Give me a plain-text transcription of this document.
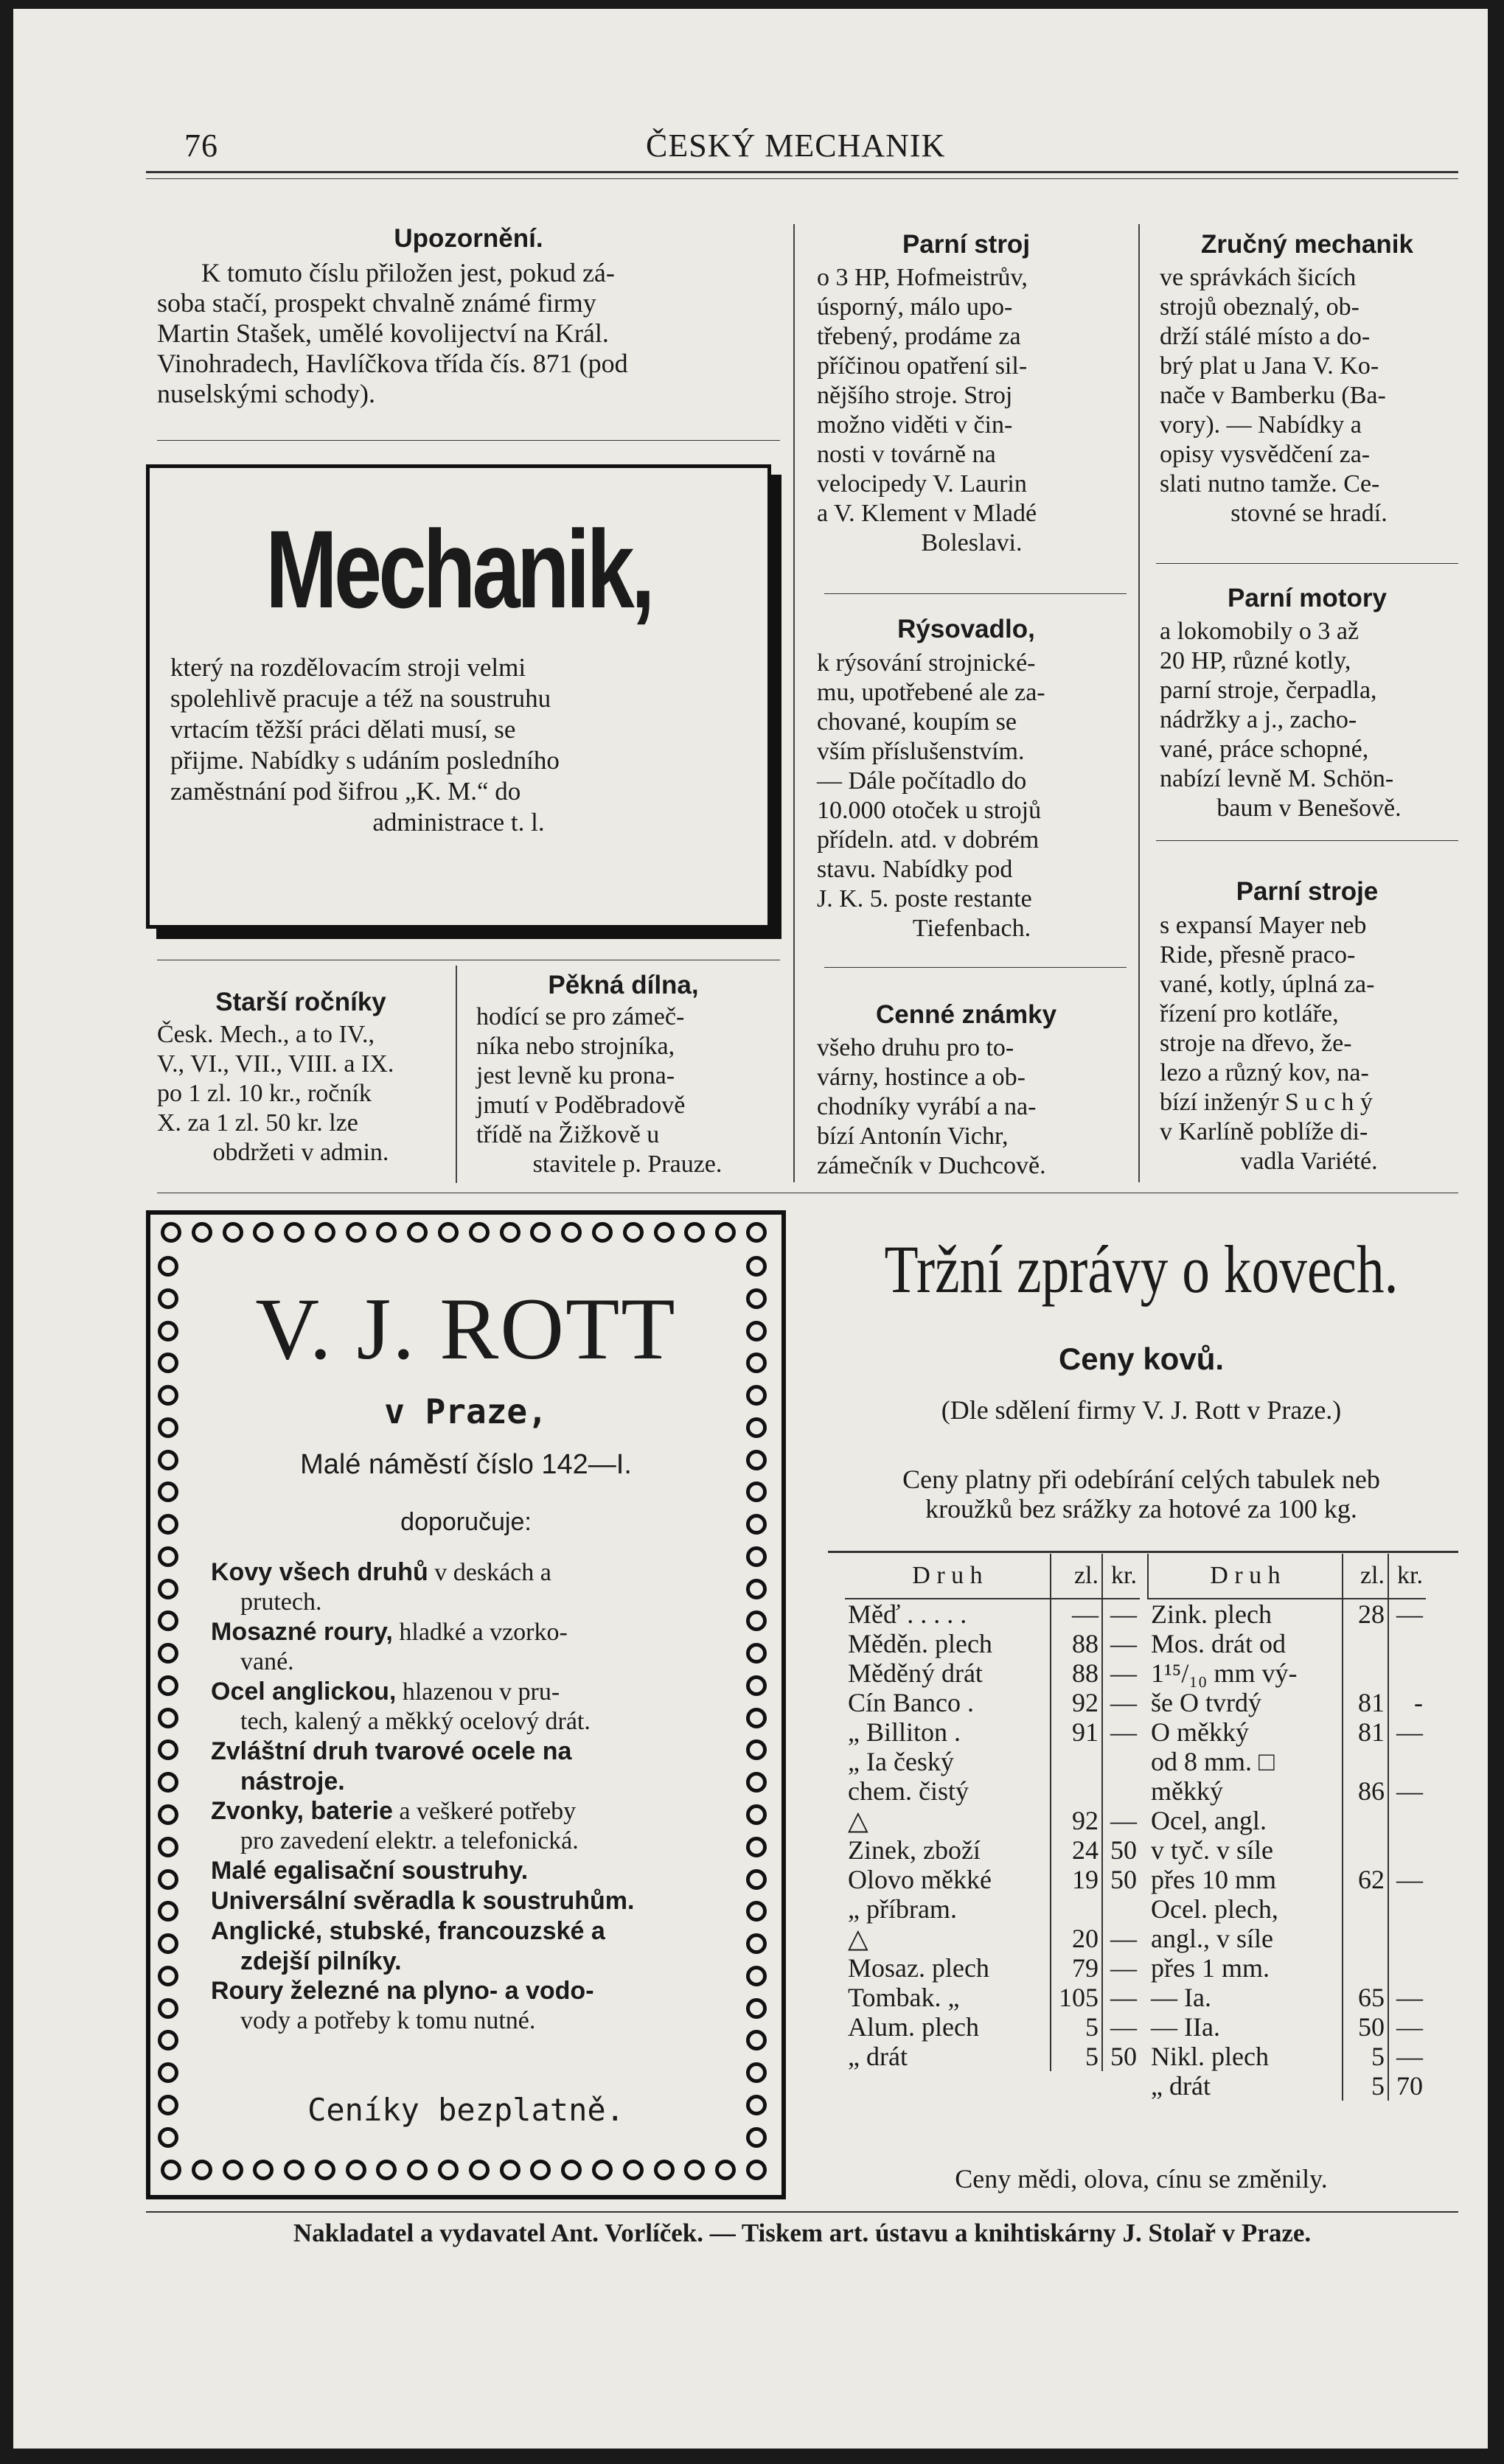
76	ČESKÝ MECHANIK
Upozornění.
K tomuto číslu přiložen jest, pokud zá-
soba stačí, prospekt chvalně známé firmy
Martin Stašek, umělé kovolijectví na Král.
Vinohradech, Havlíčkova třída čís. 871 (pod
nuselskými schody).
Mechanik,
který na rozdělovacím stroji velmi
spolehlivě pracuje a též na soustruhu
vrtacím těžší práci dělati musí, se
přijme. Nabídky s udáním posledního
zaměstnání pod šifrou „K. M.“ do
administrace t. l.
Starší ročníky
Česk. Mech., a to IV.,
V., VI., VII., VIII. a IX.
po 1 zl. 10 kr., ročník
X. za 1 zl. 50 kr. lze
obdržeti v admin.
Pěkná dílna,
hodící se pro zámeč-
níka nebo strojníka,
jest levně ku prona-
jmutí v Poděbradově
třídě na Žižkově u
stavitele p. Prauze.
Parní stroj
o 3 HP, Hofmeistrův,
úsporný, málo upo-
třebený, prodáme za
příčinou opatření sil-
nějšího stroje. Stroj
možno viděti v čin-
nosti v továrně na
velocipedy V. Laurin
a V. Klement v Mladé
Boleslavi.
Rýsovadlo,
k rýsování strojnické-
mu, upotřebené ale za-
chované, koupím se
vším příslušenstvím.
— Dále počítadlo do
10.000 otoček u strojů
přídeln. atd. v dobrém
stavu. Nabídky pod
J. K. 5. poste restante
Tiefenbach.
Cenné známky
všeho druhu pro to-
várny, hostince a ob-
chodníky vyrábí a na-
bízí Antonín Vichr,
zámečník v Duchcově.
Zručný mechanik
ve správkách šicích
strojů obeznalý, ob-
drží stálé místo a do-
brý plat u Jana V. Ko-
nače v Bamberku (Ba-
vory). — Nabídky a
opisy vysvědčení za-
slati nutno tamže. Ce-
stovné se hradí.
Parní motory
a lokomobily o 3 až
20 HP, různé kotly,
parní stroje, čerpadla,
nádržky a j., zacho-
vané, práce schopné,
nabízí levně M. Schön-
baum v Benešově.
Parní stroje
s expansí Mayer neb
Ride, přesně praco-
vané, kotly, úplná za-
řízení pro kotláře,
stroje na dřevo, že-
lezo a různý kov, na-
bízí inženýr S u c h ý
v Karlíně poblíže di-
vadla Variété.
V. J. ROTT
v Praze,
Malé náměstí číslo 142—I.
doporučuje:
Kovy všech druhů v deskách a
prutech.
Mosazné roury, hladké a vzorko-
vané.
Ocel anglickou, hlazenou v pru-
tech, kalený a měkký ocelový drát.
Zvláštní druh tvarové ocele na
nástroje.
Zvonky, baterie a veškeré potřeby
pro zavedení elektr. a telefonická.
Malé egalisační soustruhy.
Universální svěradla k soustruhům.
Anglické, stubské, francouzské a
zdejší pilníky.
Roury železné na plyno- a vodo-
vody a potřeby k tomu nutné.
Ceníky bezplatně.
Tržní zprávy o kovech.
Ceny kovů.
(Dle sdělení firmy V. J. Rott v Praze.)
Ceny platny při odebírání celých tabulek neb
kroužků bez srážky za hotové za 100 kg.
D r u h	zl.	kr.
Měď . . . . .	—	—
Měděn. plech	88	—
Měděný drát	88	—
Cín Banco .	92	—
„ Billiton .	91	—
„ Ia český		
chem. čistý		
△	92	—
Zinek, zboží	24	50
Olovo měkké	19	50
„ příbram.		
△	20	—
Mosaz. plech	79	—
Tombak. „	105	—
Alum. plech	5	—
„ drát	5	50
D r u h	zl.	kr.
Zink. plech	28	—
Mos. drát od		
1¹⁵/₁₀ mm vý-		
še O tvrdý	81	-
O měkký	81	—
od 8 mm. □		
měkký	86	—
Ocel, angl.		
v tyč. v síle		
přes 10 mm	62	—
Ocel. plech,		
angl., v síle		
přes 1 mm.		
— Ia.	65	—
— IIa.	50	—
Nikl. plech	5	—
„ drát	5	70
Ceny mědi, olova, cínu se změnily.
Nakladatel a vydavatel Ant. Vorlíček. — Tiskem art. ústavu a knihtiskárny J. Stolař v Praze.
